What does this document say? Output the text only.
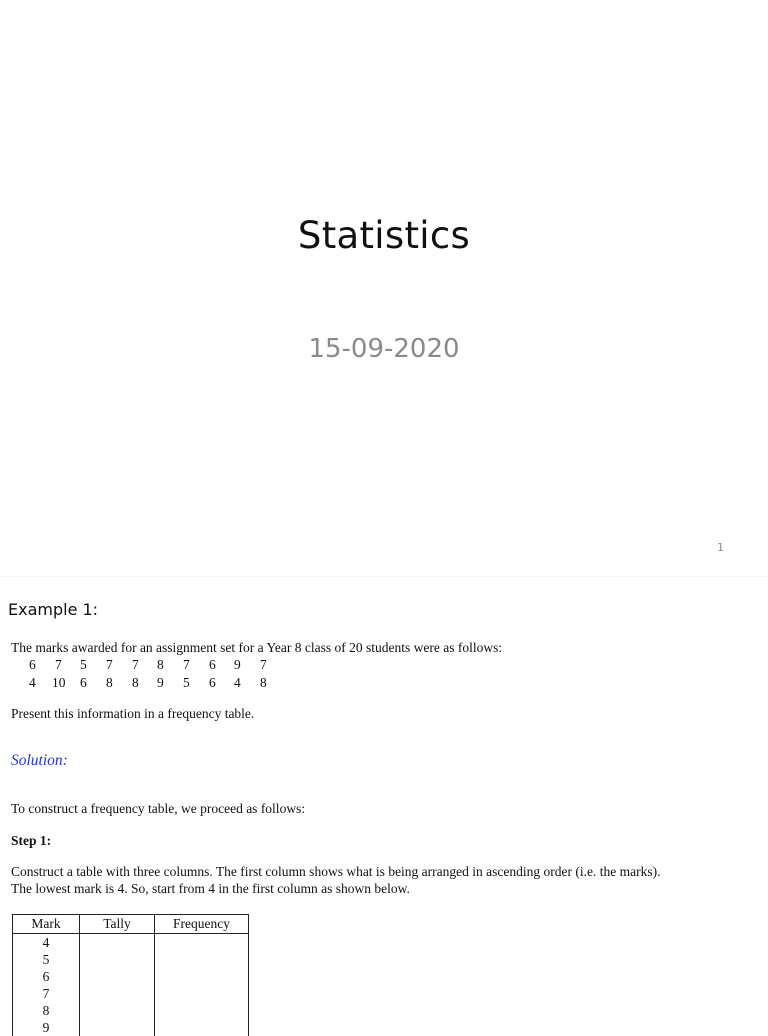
Statistics
15-09-2020
1
Example 1:
The marks awarded for an assignment set for a Year 8 class of 20 students were as follows:
6 7 5 7 7 8 7 6 9 7
4 10 6 8 8 9 5 6 4 8
Present this information in a frequency table.
Solution:
To construct a frequency table, we proceed as follows:
Step 1:
Construct a table with three columns. The first column shows what is being arranged in ascending order (i.e. the marks).
The lowest mark is 4. So, start from 4 in the first column as shown below.
Mark	Tally	Frequency
4		
5		
6		
7		
8		
9		
